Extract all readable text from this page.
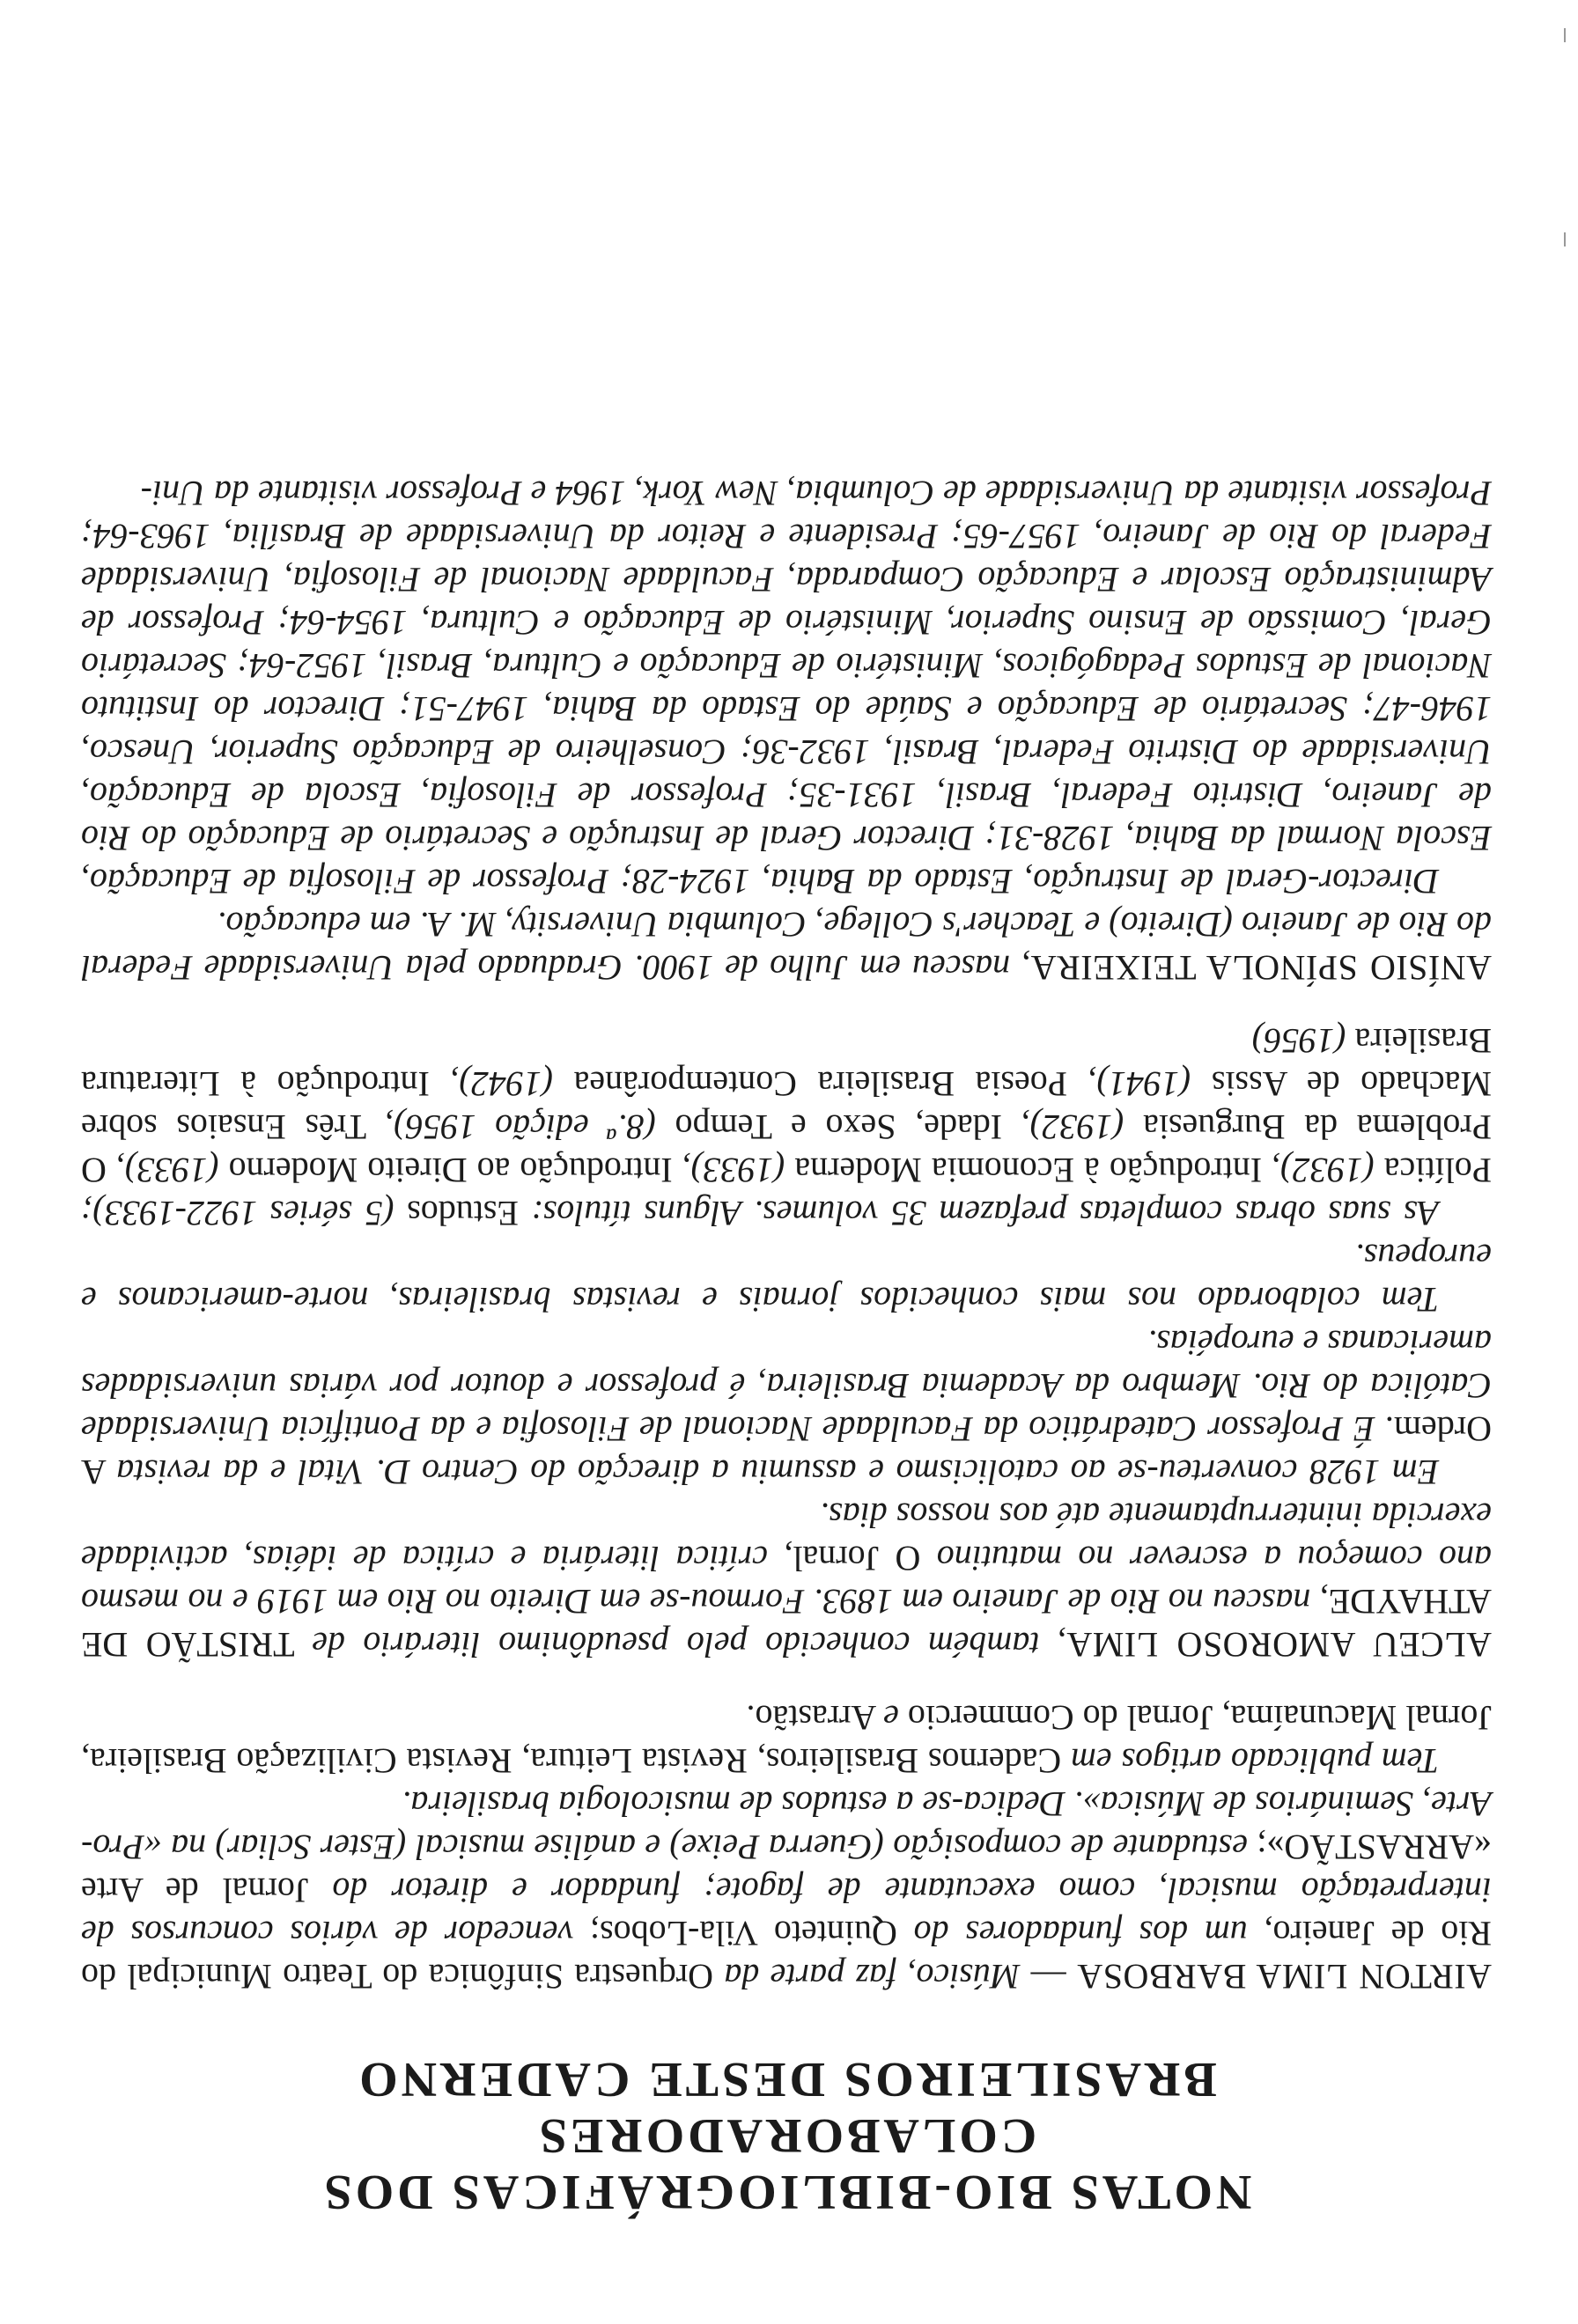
NOTAS BIO-BIBLIOGRÁFICAS DOS COLABORADORES
BRASILEIROS DESTE CADERNO

AIRTON LIMA BARBOSA — Músico, faz parte da Orquestra Sinfônica do Teatro Municipal do Rio de Janeiro, um dos fundadores do Quinteto Vila-Lobos; vencedor de vários concursos de interpretação musical, como executante de fagote; fundador e diretor do Jornal de Arte «ARRASTÃO»; estudante de composição (Guerra Peixe) e análise musical (Ester Scliar) na «Pro-Arte, Seminários de Música». Dedica-se a estudos de musicologia brasileira.

Tem publicado artigos em Cadernos Brasileiros, Revista Leitura, Revista Civilização Brasileira, Jornal Macunaíma, Jornal do Commercio e Arrastão.

ALCEU AMOROSO LIMA, também conhecido pelo pseudônimo literário de TRISTÃO DE ATHAYDE, nasceu no Rio de Janeiro em 1893. Formou-se em Direito no Rio em 1919 e no mesmo ano começou a escrever no matutino O Jornal, crítica literária e crítica de idéias, actividade exercida ininterruptamente até aos nossos dias.

Em 1928 converteu-se ao catolicismo e assumiu a direcção do Centro D. Vital e da revista A Ordem. É Professor Catedrático da Faculdade Nacional de Filosofia e da Pontifícia Universidade Católica do Rio. Membro da Academia Brasileira, é professor e doutor por várias universidades americanas e européias.

Tem colaborado nos mais conhecidos jornais e revistas brasileiras, norte-americanos e europeus.

As suas obras completas prefazem 35 volumes. Alguns títulos: Estudos (5 séries 1922-1933); Política (1932), Introdução à Economia Moderna (1933), Introdução ao Direito Moderno (1933), O Problema da Burguesia (1932), Idade, Sexo e Tempo (8.ª edição 1956), Três Ensaios sobre Machado de Assis (1941), Poesia Brasileira Contemporânea (1942), Introdução à Literatura Brasileira (1956)

ANÍSIO SPÍNOLA TEIXEIRA, nasceu em Julho de 1900. Graduado pela Universidade Federal do Rio de Janeiro (Direito) e Teacher's College, Columbia University, M. A. em educação.

Director-Geral de Instrução, Estado da Bahia, 1924-28; Professor de Filosofia de Educação, Escola Normal da Bahia, 1928-31; Director Geral de Instrução e Secretário de Educação do Rio de Janeiro, Distrito Federal, Brasil, 1931-35; Professor de Filosofia, Escola de Educação, Universidade do Distrito Federal, Brasil, 1932-36; Conselheiro de Educação Superior, Unesco, 1946-47; Secretário de Educação e Saúde do Estado da Bahia, 1947-51; Director do Instituto Nacional de Estudos Pedagógicos, Ministério de Educação e Cultura, Brasil, 1952-64; Secretário Geral, Comissão de Ensino Superior, Ministério de Educação e Cultura, 1954-64; Professor de Administração Escolar e Educação Comparada, Faculdade Nacional de Filosofia, Universidade Federal do Rio de Janeiro, 1957-65; Presidente e Reitor da Universidade de Brasília, 1963-64; Professor visitante da Universidade de Columbia, New York, 1964 e Professor visitante da Uni-
